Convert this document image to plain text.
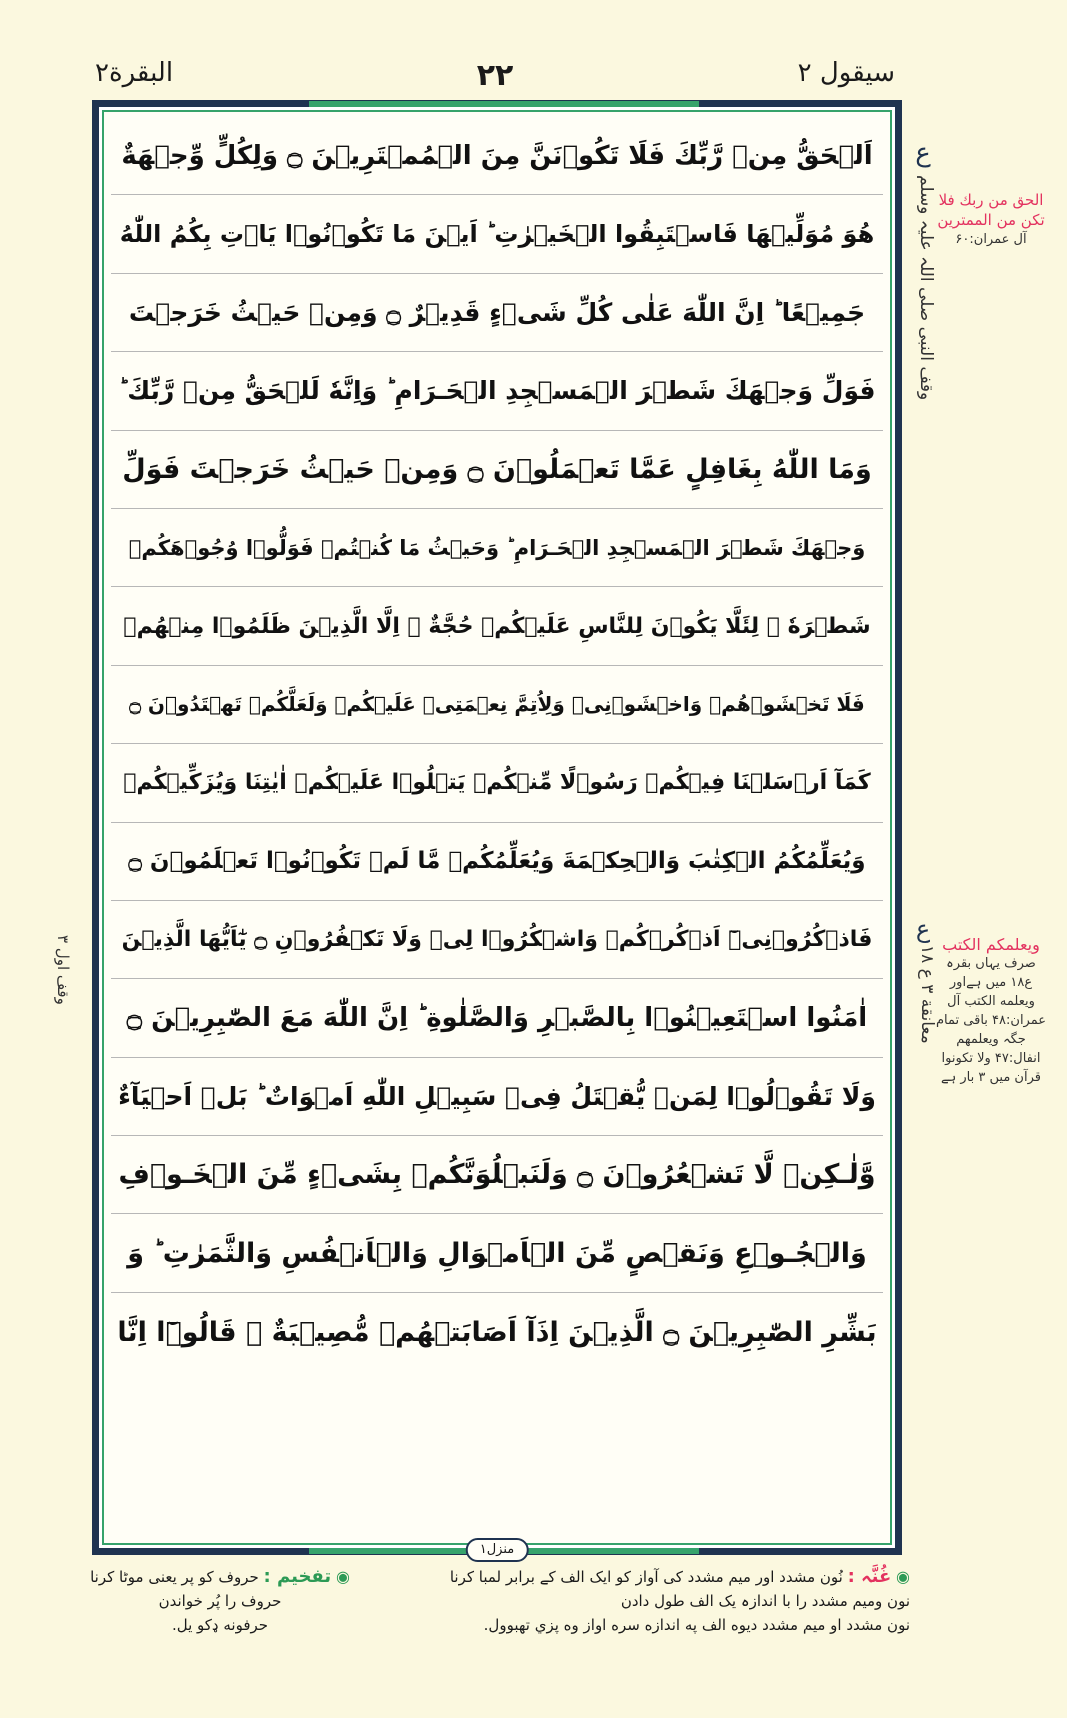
سیقول ۲
۲۲
البقرة۲
اَلۡحَقُّ مِنۡ رَّبِّكَ فَلَا تَكُوۡنَنَّ مِنَ الۡمُمۡتَرِيۡنَ ۝ وَلِكُلٍّ وِّجۡهَةٌ
هُوَ مُوَلِّيۡهَا فَاسۡتَبِقُوا الۡخَيۡرٰتِ ؕ اَيۡنَ مَا تَكُوۡنُوۡا يَاۡتِ بِكُمُ اللّٰهُ
جَمِيۡعًا ؕ اِنَّ اللّٰهَ عَلٰى كُلِّ شَىۡءٍ قَدِيۡرٌ ۝ وَمِنۡ حَيۡثُ خَرَجۡتَ
فَوَلِّ وَجۡهَكَ شَطۡرَ الۡمَسۡجِدِ الۡحَـرَامِ ؕ وَاِنَّهٗ لَلۡحَقُّ مِنۡ رَّبِّكَ ؕ
وَمَا اللّٰهُ بِغَافِلٍ عَمَّا تَعۡمَلُوۡنَ ۝ وَمِنۡ حَيۡثُ خَرَجۡتَ فَوَلِّ
وَجۡهَكَ شَطۡرَ الۡمَسۡجِدِ الۡحَـرَامِ ؕ وَحَيۡثُ مَا كُنۡتُمۡ فَوَلُّوۡا وُجُوۡهَكُمۡ
شَطۡرَهٗ ۙ لِئَلَّا يَكُوۡنَ لِلنَّاسِ عَلَيۡكُمۡ حُجَّةٌ ۙ اِلَّا الَّذِيۡنَ ظَلَمُوۡا مِنۡهُمۡ
فَلَا تَخۡشَوۡهُمۡ وَاخۡشَوۡنِىۡ وَلِاُتِمَّ نِعۡمَتِىۡ عَلَيۡكُمۡ وَلَعَلَّكُمۡ تَهۡتَدُوۡنَ ۝
كَمَآ اَرۡسَلۡنَا فِيۡكُمۡ رَسُوۡلًا مِّنۡكُمۡ يَتۡلُوۡا عَلَيۡكُمۡ اٰيٰتِنَا وَيُزَكِّيۡكُمۡ
وَيُعَلِّمُكُمُ الۡكِتٰبَ وَالۡحِكۡمَةَ وَيُعَلِّمُكُمۡ مَّا لَمۡ تَكُوۡنُوۡا تَعۡلَمُوۡنَ ۝
فَاذۡكُرُوۡنِىۡٓ اَذۡكُرۡكُمۡ وَاشۡكُرُوۡا لِىۡ وَلَا تَكۡفُرُوۡنِ ۝ يٰٓاَيُّهَا الَّذِيۡنَ
اٰمَنُوا اسۡتَعِيۡنُوۡا بِالصَّبۡرِ وَالصَّلٰوةِ ؕ اِنَّ اللّٰهَ مَعَ الصّٰبِرِيۡنَ ۝
وَلَا تَقُوۡلُوۡا لِمَنۡ يُّقۡتَلُ فِىۡ سَبِيۡلِ اللّٰهِ اَمۡوَاتٌ ؕ بَلۡ اَحۡيَآءٌ
وَّلٰـكِنۡ لَّا تَشۡعُرُوۡنَ ۝ وَلَنَبۡلُوَنَّكُمۡ بِشَىۡءٍ مِّنَ الۡخَـوۡفِ
وَالۡجُـوۡعِ وَنَقۡصٍ مِّنَ الۡاَمۡوَالِ وَالۡاَنۡفُسِ وَالثَّمَرٰتِ ؕ وَ
بَشِّرِ الصّٰبِرِيۡنَ ۝ الَّذِيۡنَ اِذَآ اَصَابَتۡهُمۡ مُّصِيۡبَةٌ ۙ قَالُوۡٓا اِنَّا
منزل۱
ع
وقف النبی صلی اللہ علیہ وسلم الحق من ربك فلا تكن من الممترين
آل عمران:۶۰
ع
معانقة ۳ ع ۱۸
ويعلمكم الكتب
صرف یہاں بقرہ ع۱۸ میں ہےاور ويعلمه الكتب آل عمران:۴۸ باقی تمام جگہ ويعلمهم انفال:۴۷ ولا تكونوا قرآن میں ۳ بار ہے
وقف اول ۳
◉ غُنَّہ : نُون مشدد اور میم مشدد کی آواز کو ایک الف کے برابر لمبا کرنا
نون ومیم مشدد را با اندازہ یک الف طول دادن
نون مشدد او میم مشدد دیوه الف په اندازه سره اواز وه پزي تهبوول.
◉ تفخیم : حروف کو پر یعنی موٹا کرنا
حروف را پُر خواندن
حرفونه ډکو یل.
